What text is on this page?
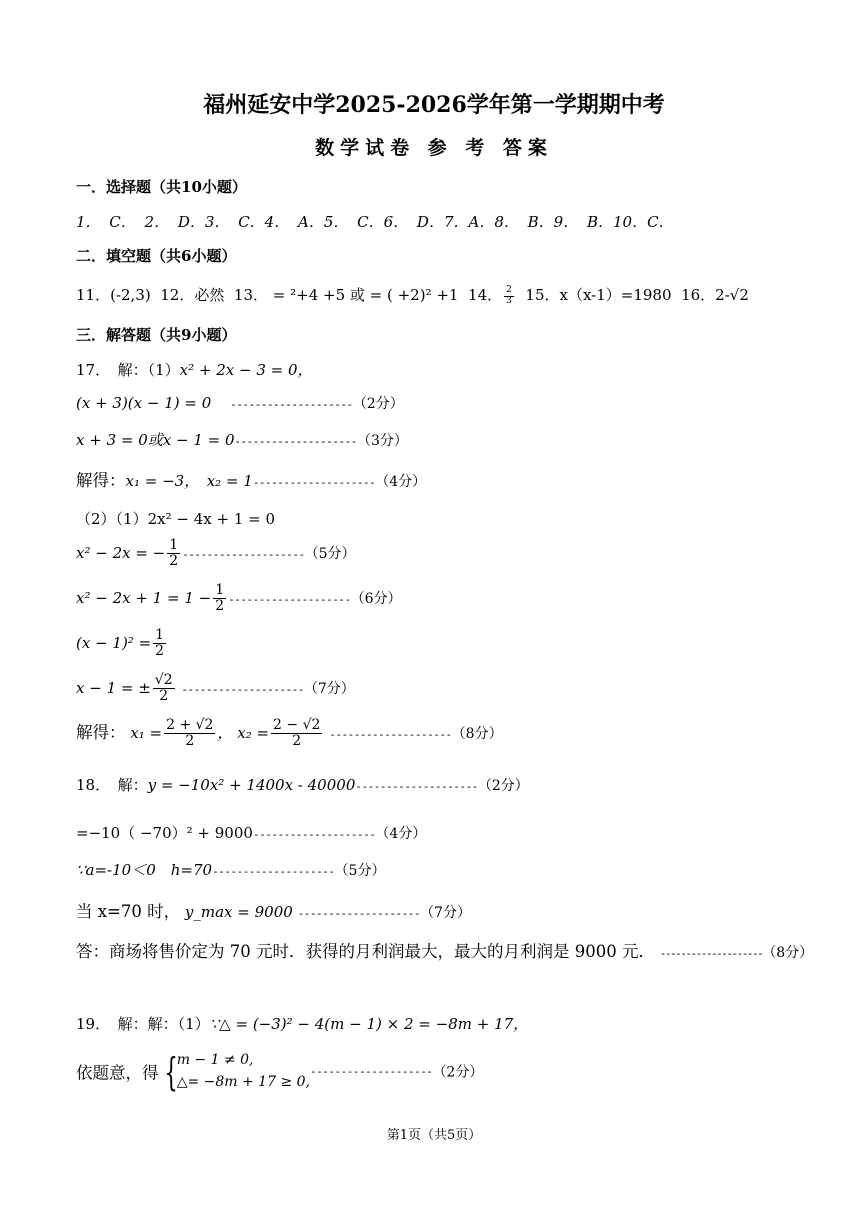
福州延安中学2025-2026学年第一学期期中考
数学试卷 参 考 答案
一．选择题（共10小题）
1． C． 2． D．3． C．4． A．5． C．6． D．7．A．8． B．9． B．10．C．
二．填空题（共6小题）
11．(-2,3) 12．必然 13． = ²+4 +5 或 = ( +2)² +1 14． $\frac{2}{3} 15$．x（x-1）=1980 16．2-√2
三．解答题（共9小题）
17．　解：（1）x² + 2x − 3 = 0，
(x + 3)(x − 1) = 0 --------------------（2分）
x + 3 = 0或x − 1 = 0--------------------（3分）
解得：x₁ = −3，　x₂ = 1--------------------（4分）
（2）（1）2x² − 4x + 1 = 0
x² − 2x = − $\frac{1}{2} --------------------(5$分）
$x^2 - 2x + 1 = 1 - \frac{1}{2} --------------------(6$分）
$(x - 1)^2 = \frac{1}{2}$
x − 1 = ± $\frac{√2}{2} --------------------(7$分）
解得： $x_1 = \frac{2 + √2}{2}$ ， $x_2 = \frac{2 - √2}{2} --------------------(8$分）
18．　解：y = −10x² + 1400x - 40000--------------------（2分）
=−10（ −70）² + 9000--------------------（4分）
∵a=-10＜0　h=70--------------------（5分）
当 x=70 时， y_max = 9000 --------------------（7分）
答：商场将售价定为 70 元时．获得的月利润最大，最大的月利润是 9000 元． --------------------（8分）
19．　解：解：（1）∵△ = (−3)² − 4(m − 1) × 2 = −8m + 17，
依题意，得 { m − 1 ≠ 0,
△= −8m + 17 ≥ 0,
--------------------（2分）
第1页（共5页）
